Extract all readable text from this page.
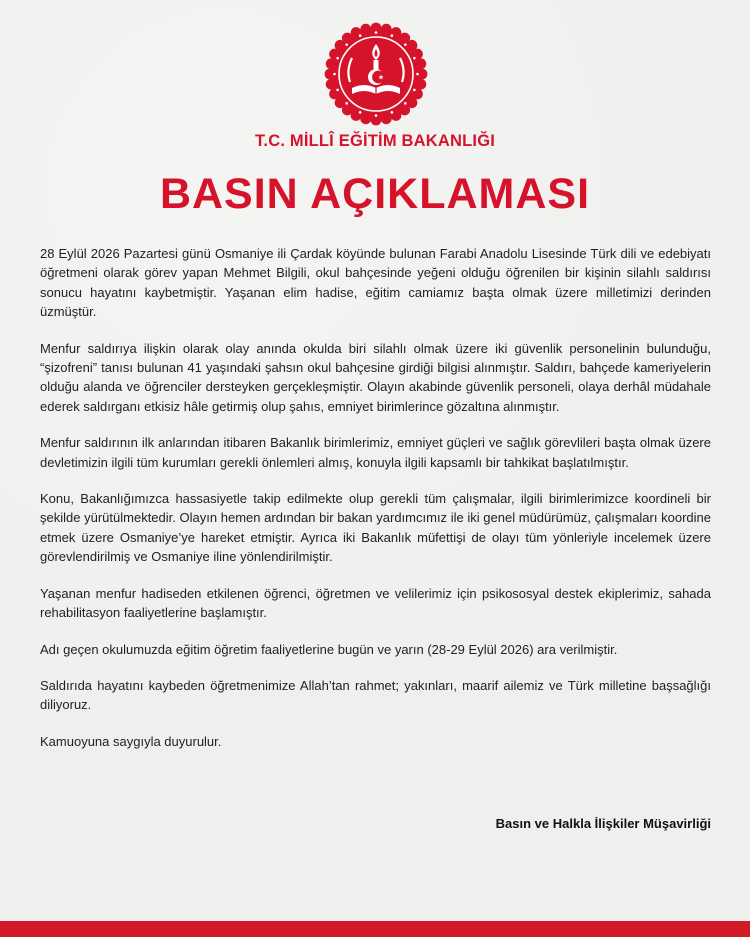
T.C. MİLLÎ EĞİTİM BAKANLIĞI
BASIN AÇIKLAMASI

28 Eylül 2026 Pazartesi günü Osmaniye ili Çardak köyünde bulunan Farabi Anadolu Lisesinde Türk dili ve edebiyatı öğretmeni olarak görev yapan Mehmet Bilgili, okul bahçesinde yeğeni olduğu öğrenilen bir kişinin silahlı saldırısı sonucu hayatını kaybetmiştir. Yaşanan elim hadise, eğitim camiamız başta olmak üzere milletimizi derinden üzmüştür.

Menfur saldırıya ilişkin olarak olay anında okulda biri silahlı olmak üzere iki güvenlik personelinin bulunduğu, “şizofreni” tanısı bulunan 41 yaşındaki şahsın okul bahçesine girdiği bilgisi alınmıştır. Saldırı, bahçede kameriyelerin olduğu alanda ve öğrenciler dersteyken gerçekleşmiştir. Olayın akabinde güvenlik personeli, olaya derhâl müdahale ederek saldırganı etkisiz hâle getirmiş olup şahıs, emniyet birimlerince gözaltına alınmıştır.

Menfur saldırının ilk anlarından itibaren Bakanlık birimlerimiz, emniyet güçleri ve sağlık görevlileri başta olmak üzere devletimizin ilgili tüm kurumları gerekli önlemleri almış, konuyla ilgili kapsamlı bir tahkikat başlatılmıştır.

Konu, Bakanlığımızca hassasiyetle takip edilmekte olup gerekli tüm çalışmalar, ilgili birimlerimizce koordineli bir şekilde yürütülmektedir. Olayın hemen ardından bir bakan yardımcımız ile iki genel müdürümüz, çalışmaları koordine etmek üzere Osmaniye’ye hareket etmiştir. Ayrıca iki Bakanlık müfettişi de olayı tüm yönleriyle incelemek üzere görevlendirilmiş ve Osmaniye iline yönlendirilmiştir.

Yaşanan menfur hadiseden etkilenen öğrenci, öğretmen ve velilerimiz için psikososyal destek ekiplerimiz, sahada rehabilitasyon faaliyetlerine başlamıştır.

Adı geçen okulumuzda eğitim öğretim faaliyetlerine bugün ve yarın (28-29 Eylül 2026) ara verilmiştir.

Saldırıda hayatını kaybeden öğretmenimize Allah’tan rahmet; yakınları, maarif ailemiz ve Türk milletine başsağlığı diliyoruz.

Kamuoyuna saygıyla duyurulur.

Basın ve Halkla İlişkiler Müşavirliği
